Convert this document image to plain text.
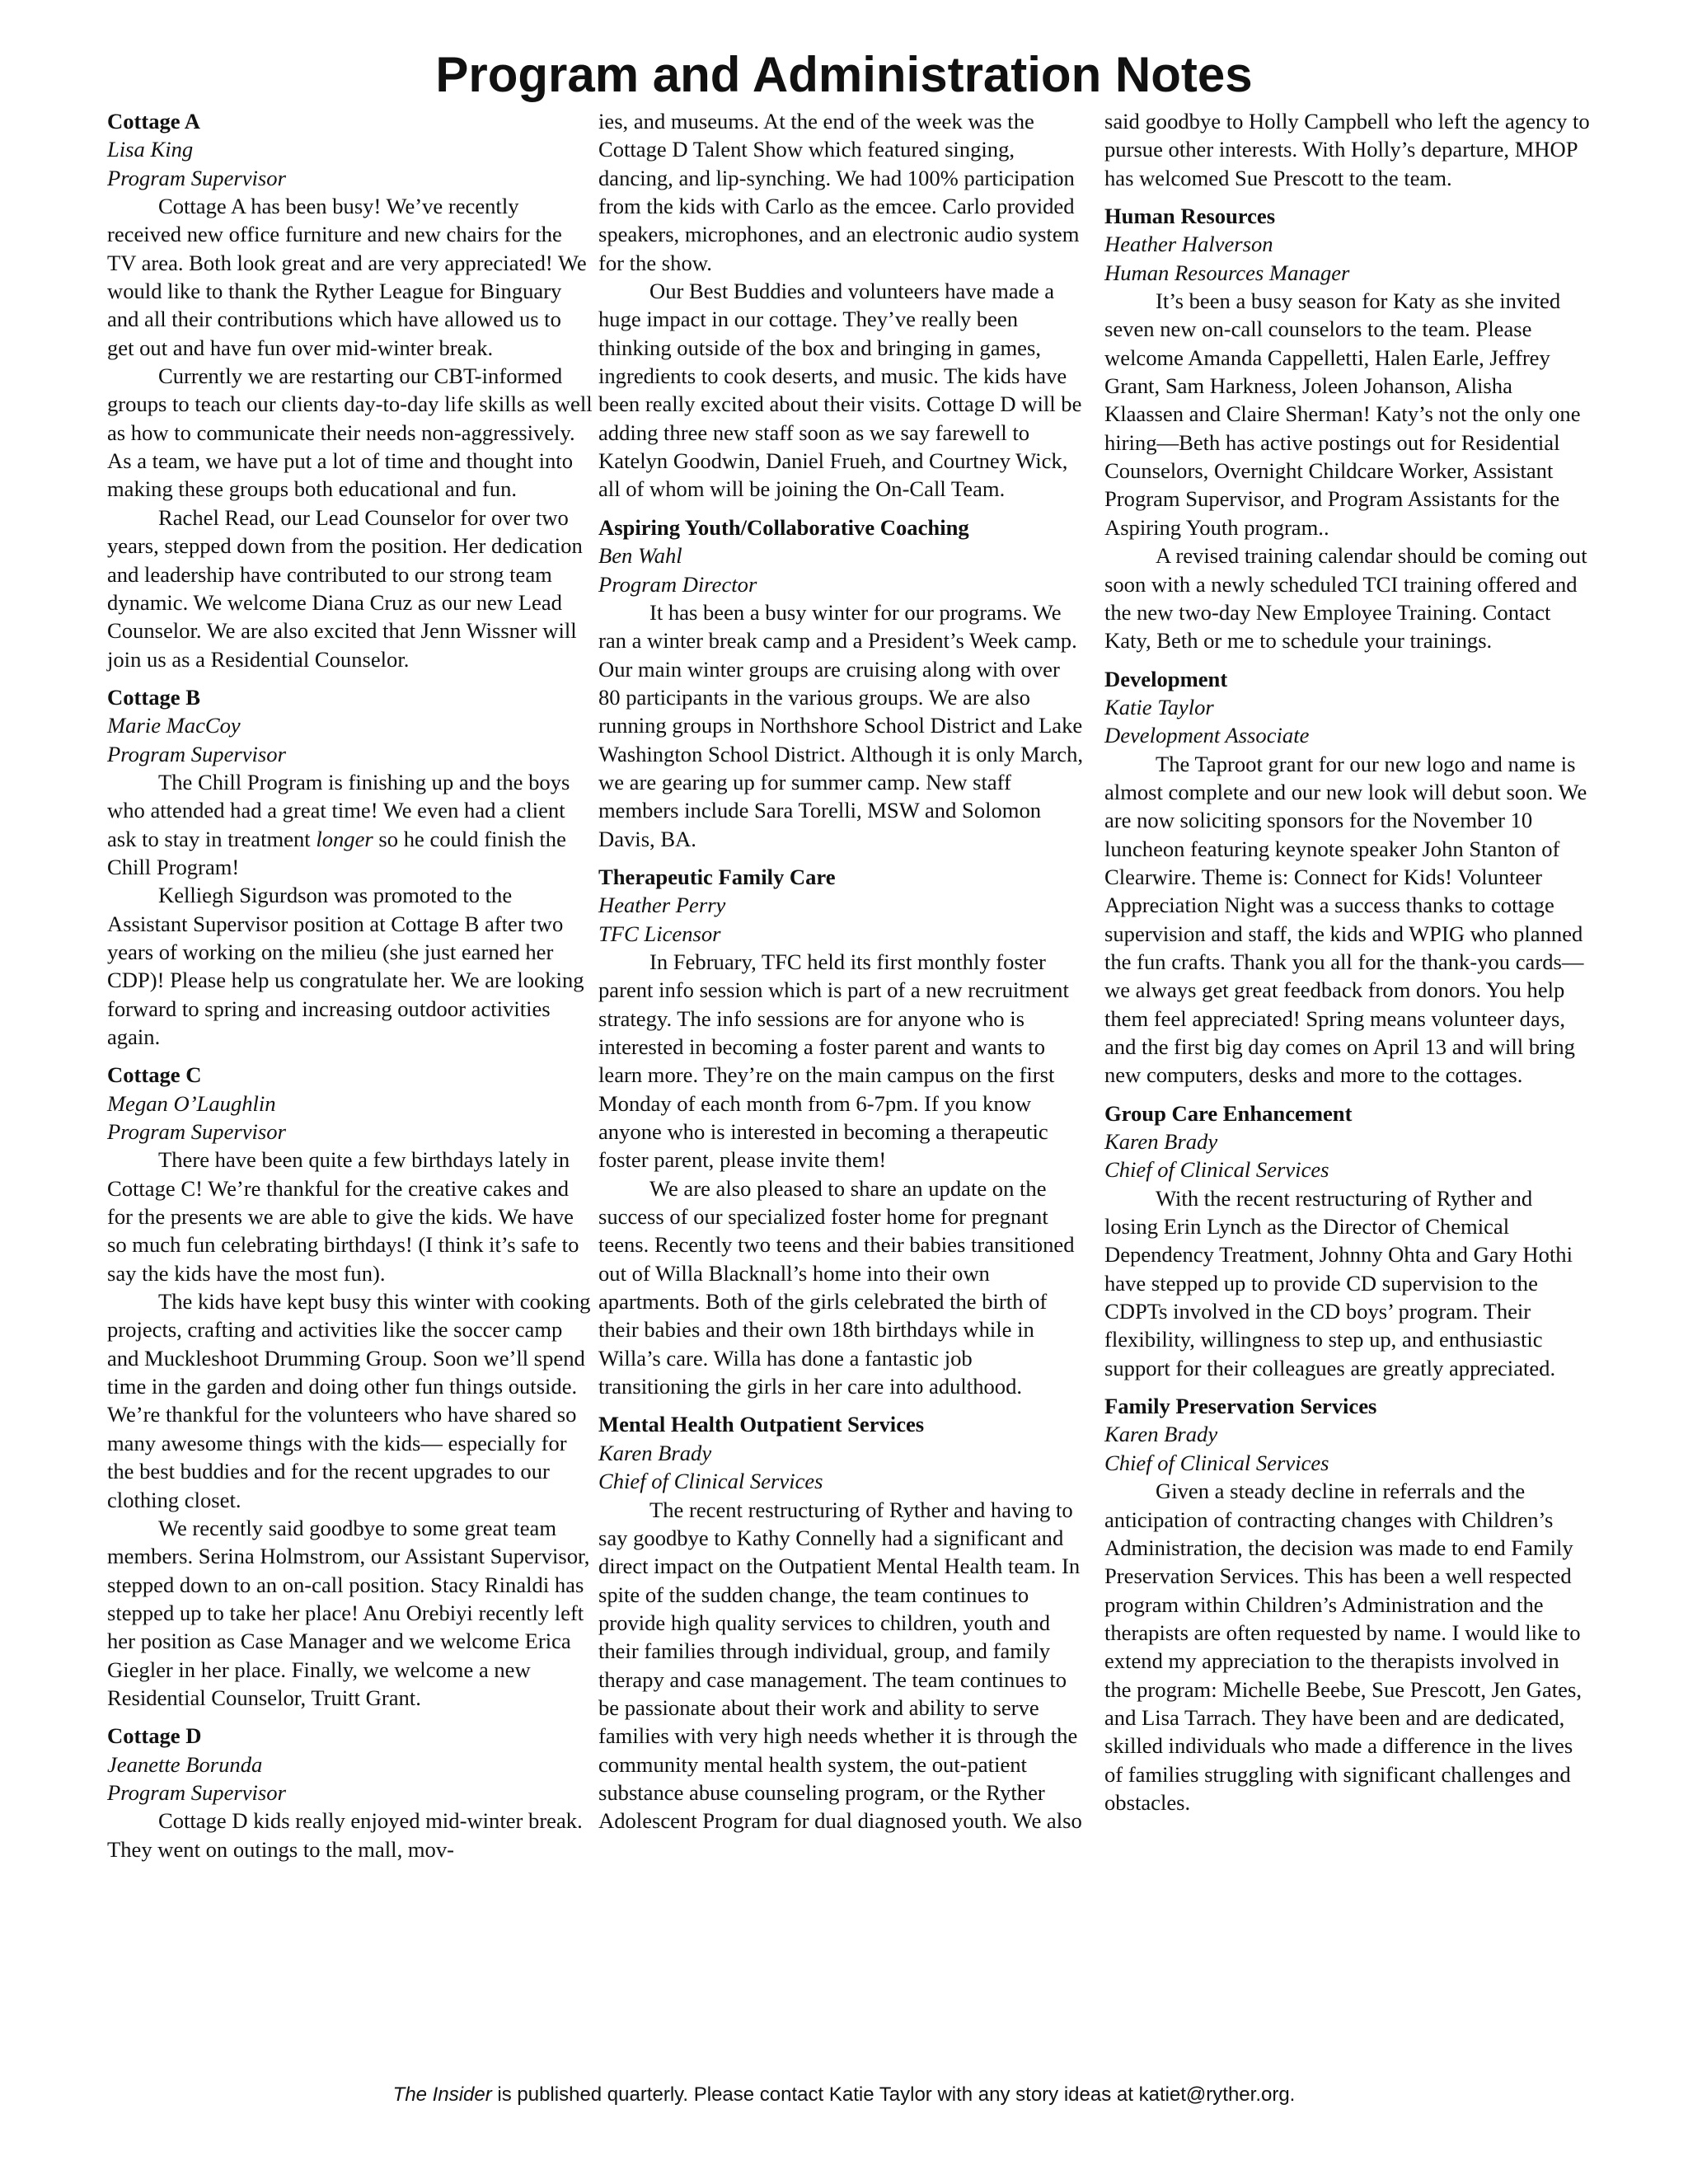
Program and Administration Notes

Cottage A

Lisa King

Program Supervisor

Cottage A has been busy! We’ve recently received new office furniture and new chairs for the TV area. Both look great and are very appreciated! We would like to thank the Ryther League for Binguary and all their contributions which have allowed us to get out and have fun over mid-winter break.

Currently we are restarting our CBT-informed groups to teach our clients day-to-day life skills as well as how to communicate their needs non-aggressively. As a team, we have put a lot of time and thought into making these groups both educational and fun.

Rachel Read, our Lead Counselor for over two years, stepped down from the position. Her dedication and leadership have contributed to our strong team dynamic. We welcome Diana Cruz as our new Lead Counselor. We are also excited that Jenn Wissner will join us as a Residential Counselor.

Cottage B

Marie MacCoy

Program Supervisor

The Chill Program is finishing up and the boys who attended had a great time! We even had a client ask to stay in treatment longer so he could finish the Chill Program!

Kelliegh Sigurdson was promoted to the Assistant Supervisor position at Cottage B after two years of working on the milieu (she just earned her CDP)! Please help us congratulate her. We are looking forward to spring and increasing outdoor activities again.

Cottage C

Megan O’Laughlin

Program Supervisor

There have been quite a few birthdays lately in Cottage C! We’re thankful for the creative cakes and for the presents we are able to give the kids. We have so much fun celebrating birthdays! (I think it’s safe to say the kids have the most fun).

The kids have kept busy this winter with cooking projects, crafting and activities like the soccer camp and Muckleshoot Drumming Group. Soon we’ll spend time in the garden and doing other fun things outside. We’re thankful for the volunteers who have shared so many awesome things with the kids— especially for the best buddies and for the recent upgrades to our clothing closet.

We recently said goodbye to some great team members. Serina Holmstrom, our Assistant Supervisor, stepped down to an on-call position. Stacy Rinaldi has stepped up to take her place! Anu Orebiyi recently left her position as Case Manager and we welcome Erica Giegler in her place. Finally, we welcome a new Residential Counselor, Truitt Grant.

Cottage D

Jeanette Borunda

Program Supervisor

Cottage D kids really enjoyed mid-winter break. They went on outings to the mall, mov-

ies, and museums. At the end of the week was the Cottage D Talent Show which featured singing, dancing, and lip-synching. We had 100% participation from the kids with Carlo as the emcee. Carlo provided speakers, microphones, and an electronic audio system for the show.

Our Best Buddies and volunteers have made a huge impact in our cottage. They’ve really been thinking outside of the box and bringing in games, ingredients to cook deserts, and music. The kids have been really excited about their visits. Cottage D will be adding three new staff soon as we say farewell to Katelyn Goodwin, Daniel Frueh, and Courtney Wick, all of whom will be joining the On-Call Team.

Aspiring Youth/Collaborative Coaching

Ben Wahl

Program Director

It has been a busy winter for our programs. We ran a winter break camp and a President’s Week camp. Our main winter groups are cruising along with over 80 participants in the various groups. We are also running groups in Northshore School District and Lake Washington School District. Although it is only March, we are gearing up for summer camp. New staff members include Sara Torelli, MSW and Solomon Davis, BA.

Therapeutic Family Care

Heather Perry

TFC Licensor

In February, TFC held its first monthly foster parent info session which is part of a new recruitment strategy. The info sessions are for anyone who is interested in becoming a foster parent and wants to learn more. They’re on the main campus on the first Monday of each month from 6-7pm. If you know anyone who is interested in becoming a therapeutic foster parent, please invite them!

We are also pleased to share an update on the success of our specialized foster home for pregnant teens. Recently two teens and their babies transitioned out of Willa Blacknall’s home into their own apartments. Both of the girls celebrated the birth of their babies and their own 18th birthdays while in Willa’s care. Willa has done a fantastic job transitioning the girls in her care into adulthood.

Mental Health Outpatient Services

Karen Brady

Chief of Clinical Services

The recent restructuring of Ryther and having to say goodbye to Kathy Connelly had a significant and direct impact on the Outpatient Mental Health team. In spite of the sudden change, the team continues to provide high quality services to children, youth and their families through individual, group, and family therapy and case management. The team continues to be passionate about their work and ability to serve families with very high needs whether it is through the community mental health system, the out-patient substance abuse counseling program, or the Ryther Adolescent Program for dual diagnosed youth. We also

said goodbye to Holly Campbell who left the agency to pursue other interests. With Holly’s departure, MHOP has welcomed Sue Prescott to the team.

Human Resources

Heather Halverson

Human Resources Manager

It’s been a busy season for Katy as she invited seven new on-call counselors to the team. Please welcome Amanda Cappelletti, Halen Earle, Jeffrey Grant, Sam Harkness, Joleen Johanson, Alisha Klaassen and Claire Sherman! Katy’s not the only one hiring—Beth has active postings out for Residential Counselors, Overnight Childcare Worker, Assistant Program Supervisor, and Program Assistants for the Aspiring Youth program..

A revised training calendar should be coming out soon with a newly scheduled TCI training offered and the new two-day New Employee Training. Contact Katy, Beth or me to schedule your trainings.

Development

Katie Taylor

Development Associate

The Taproot grant for our new logo and name is almost complete and our new look will debut soon. We are now soliciting sponsors for the November 10 luncheon featuring keynote speaker John Stanton of Clearwire. Theme is: Connect for Kids! Volunteer Appreciation Night was a success thanks to cottage supervision and staff, the kids and WPIG who planned the fun crafts. Thank you all for the thank-you cards—we always get great feedback from donors. You help them feel appreciated! Spring means volunteer days, and the first big day comes on April 13 and will bring new computers, desks and more to the cottages.

Group Care Enhancement

Karen Brady

Chief of Clinical Services

With the recent restructuring of Ryther and losing Erin Lynch as the Director of Chemical Dependency Treatment, Johnny Ohta and Gary Hothi have stepped up to provide CD supervision to the CDPTs involved in the CD boys’ program. Their flexibility, willingness to step up, and enthusiastic support for their colleagues are greatly appreciated.

Family Preservation Services

Karen Brady

Chief of Clinical Services

Given a steady decline in referrals and the anticipation of contracting changes with Children’s Administration, the decision was made to end Family Preservation Services. This has been a well respected program within Children’s Administration and the therapists are often requested by name. I would like to extend my appreciation to the therapists involved in the program: Michelle Beebe, Sue Prescott, Jen Gates, and Lisa Tarrach. They have been and are dedicated, skilled individuals who made a difference in the lives of families struggling with significant challenges and obstacles.

The Insider is published quarterly. Please contact Katie Taylor with any story ideas at katiet@ryther.org.
